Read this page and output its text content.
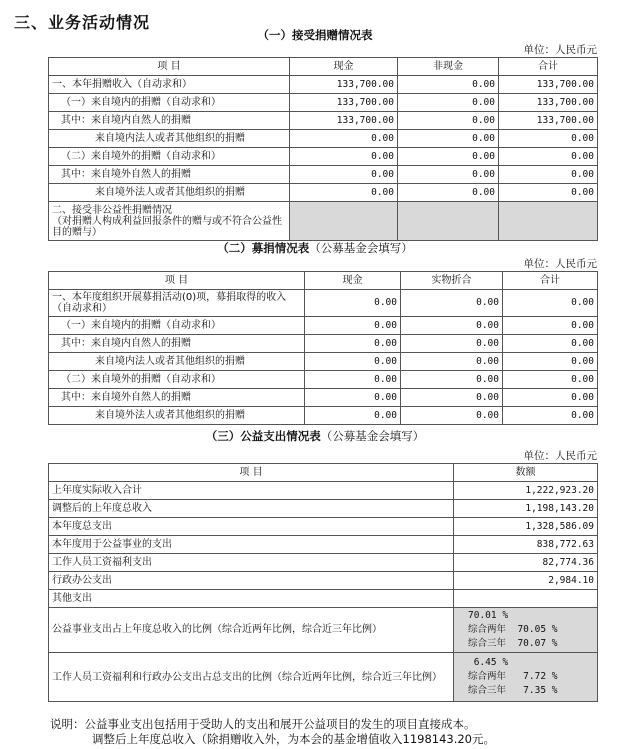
三、业务活动情况
（一）接受捐赠情况表
单位：人民币元
项 目	现金	非现金	合计
一、本年捐赠收入（自动求和）	133,700.00	0.00	133,700.00
（一）来自境内的捐赠（自动求和）	133,700.00	0.00	133,700.00
其中：来自境内自然人的捐赠	133,700.00	0.00	133,700.00
来自境内法人或者其他组织的捐赠	0.00	0.00	0.00
（二）来自境外的捐赠（自动求和）	0.00	0.00	0.00
其中：来自境外自然人的捐赠	0.00	0.00	0.00
来自境外法人或者其他组织的捐赠	0.00	0.00	0.00
二、接受非公益性捐赠情况
（对捐赠人构成利益回报条件的赠与或不符合公益性目的赠与）			
（二）募捐情况表（公募基金会填写）
单位：人民币元
项 目	现金	实物折合	合计
一、本年度组织开展募捐活动(0)项，募捐取得的收入（自动求和）	0.00	0.00	0.00
（一）来自境内的捐赠（自动求和）	0.00	0.00	0.00
其中：来自境内自然人的捐赠	0.00	0.00	0.00
来自境内法人或者其他组织的捐赠	0.00	0.00	0.00
（二）来自境外的捐赠（自动求和）	0.00	0.00	0.00
其中：来自境外自然人的捐赠	0.00	0.00	0.00
来自境外法人或者其他组织的捐赠	0.00	0.00	0.00
（三）公益支出情况表（公募基金会填写）
单位：人民币元
项 目	数额
上年度实际收入合计	1,222,923.20
调整后的上年度总收入	1,198,143.20
本年度总支出	1,328,586.09
本年度用于公益事业的支出	838,772.63
工作人员工资福利支出	82,774.36
行政办公支出	2,984.10
其他支出	
公益事业支出占上年度总收入的比例（综合近两年比例，综合近三年比例）	70.01 %
综合两年  70.05 %
综合三年  70.07 %

工作人员工资福利和行政办公支出占总支出的比例（综合近两年比例，综合近三年比例）	6.45 %
综合两年   7.72 %
综合三年   7.35 %
说明：公益事业支出包括用于受助人的支出和展开公益项目的发生的项目直接成本。
调整后上年度总收入（除捐赠收入外，为本会的基金增值收入1198143.20元。
